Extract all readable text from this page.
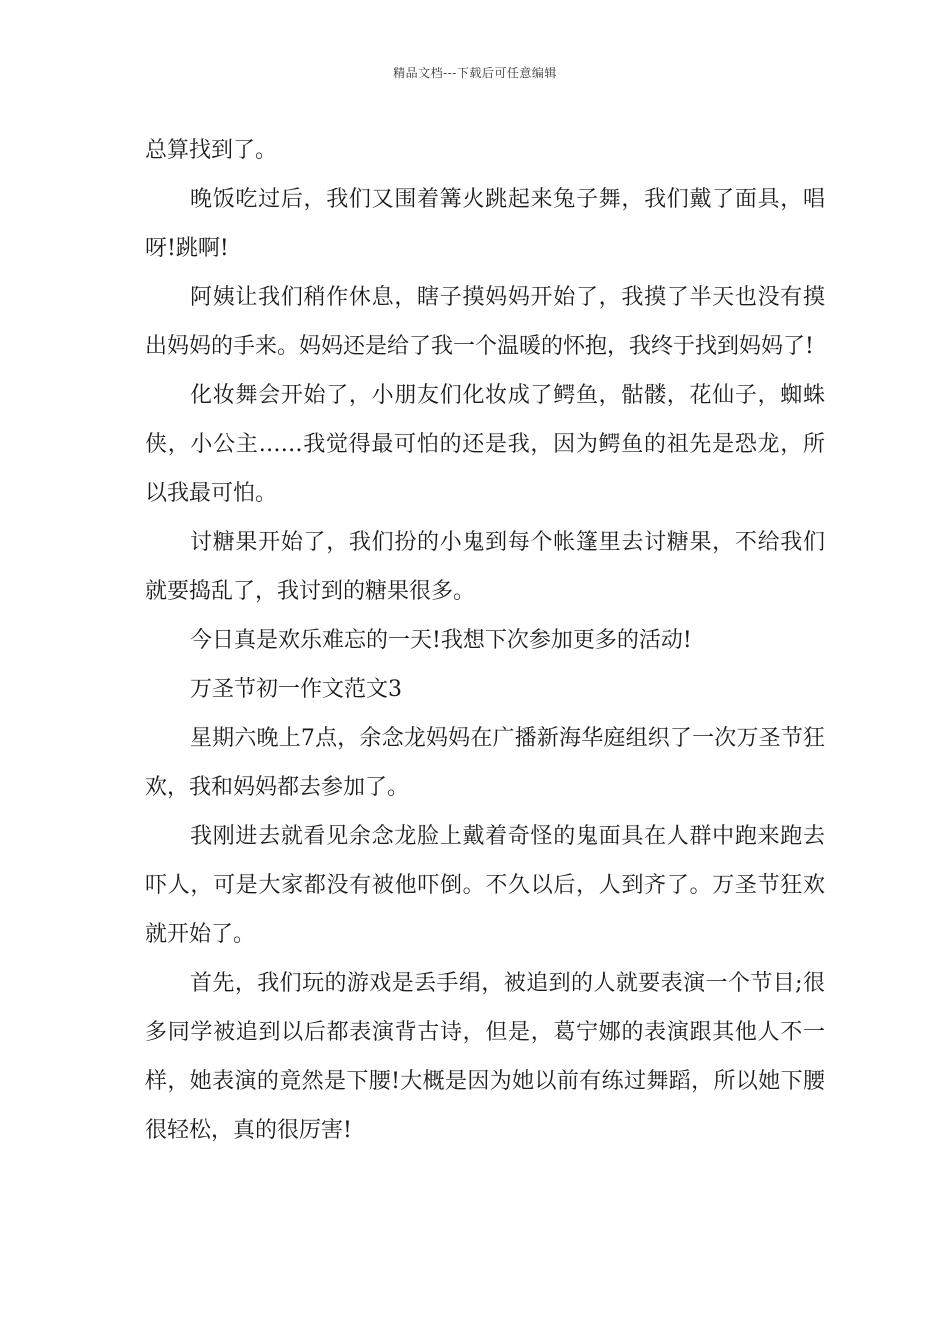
精品文档---下载后可任意编辑

总算找到了。

晚饭吃过后，我们又围着篝火跳起来兔子舞，我们戴了面具，唱呀!跳啊!

阿姨让我们稍作休息，瞎子摸妈妈开始了，我摸了半天也没有摸出妈妈的手来。妈妈还是给了我一个温暖的怀抱，我终于找到妈妈了!

化妆舞会开始了，小朋友们化妆成了鳄鱼，骷髅，花仙子，蜘蛛侠，小公主……我觉得最可怕的还是我，因为鳄鱼的祖先是恐龙，所以我最可怕。

讨糖果开始了，我们扮的小鬼到每个帐篷里去讨糖果，不给我们就要捣乱了，我讨到的糖果很多。

今日真是欢乐难忘的一天!我想下次参加更多的活动!

万圣节初一作文范文3

星期六晚上7点，余念龙妈妈在广播新海华庭组织了一次万圣节狂欢，我和妈妈都去参加了。

我刚进去就看见余念龙脸上戴着奇怪的鬼面具在人群中跑来跑去吓人，可是大家都没有被他吓倒。不久以后，人到齐了。万圣节狂欢就开始了。

首先，我们玩的游戏是丢手绢，被追到的人就要表演一个节目;很多同学被追到以后都表演背古诗，但是，葛宁娜的表演跟其他人不一样，她表演的竟然是下腰!大概是因为她以前有练过舞蹈，所以她下腰很轻松，真的很厉害!
